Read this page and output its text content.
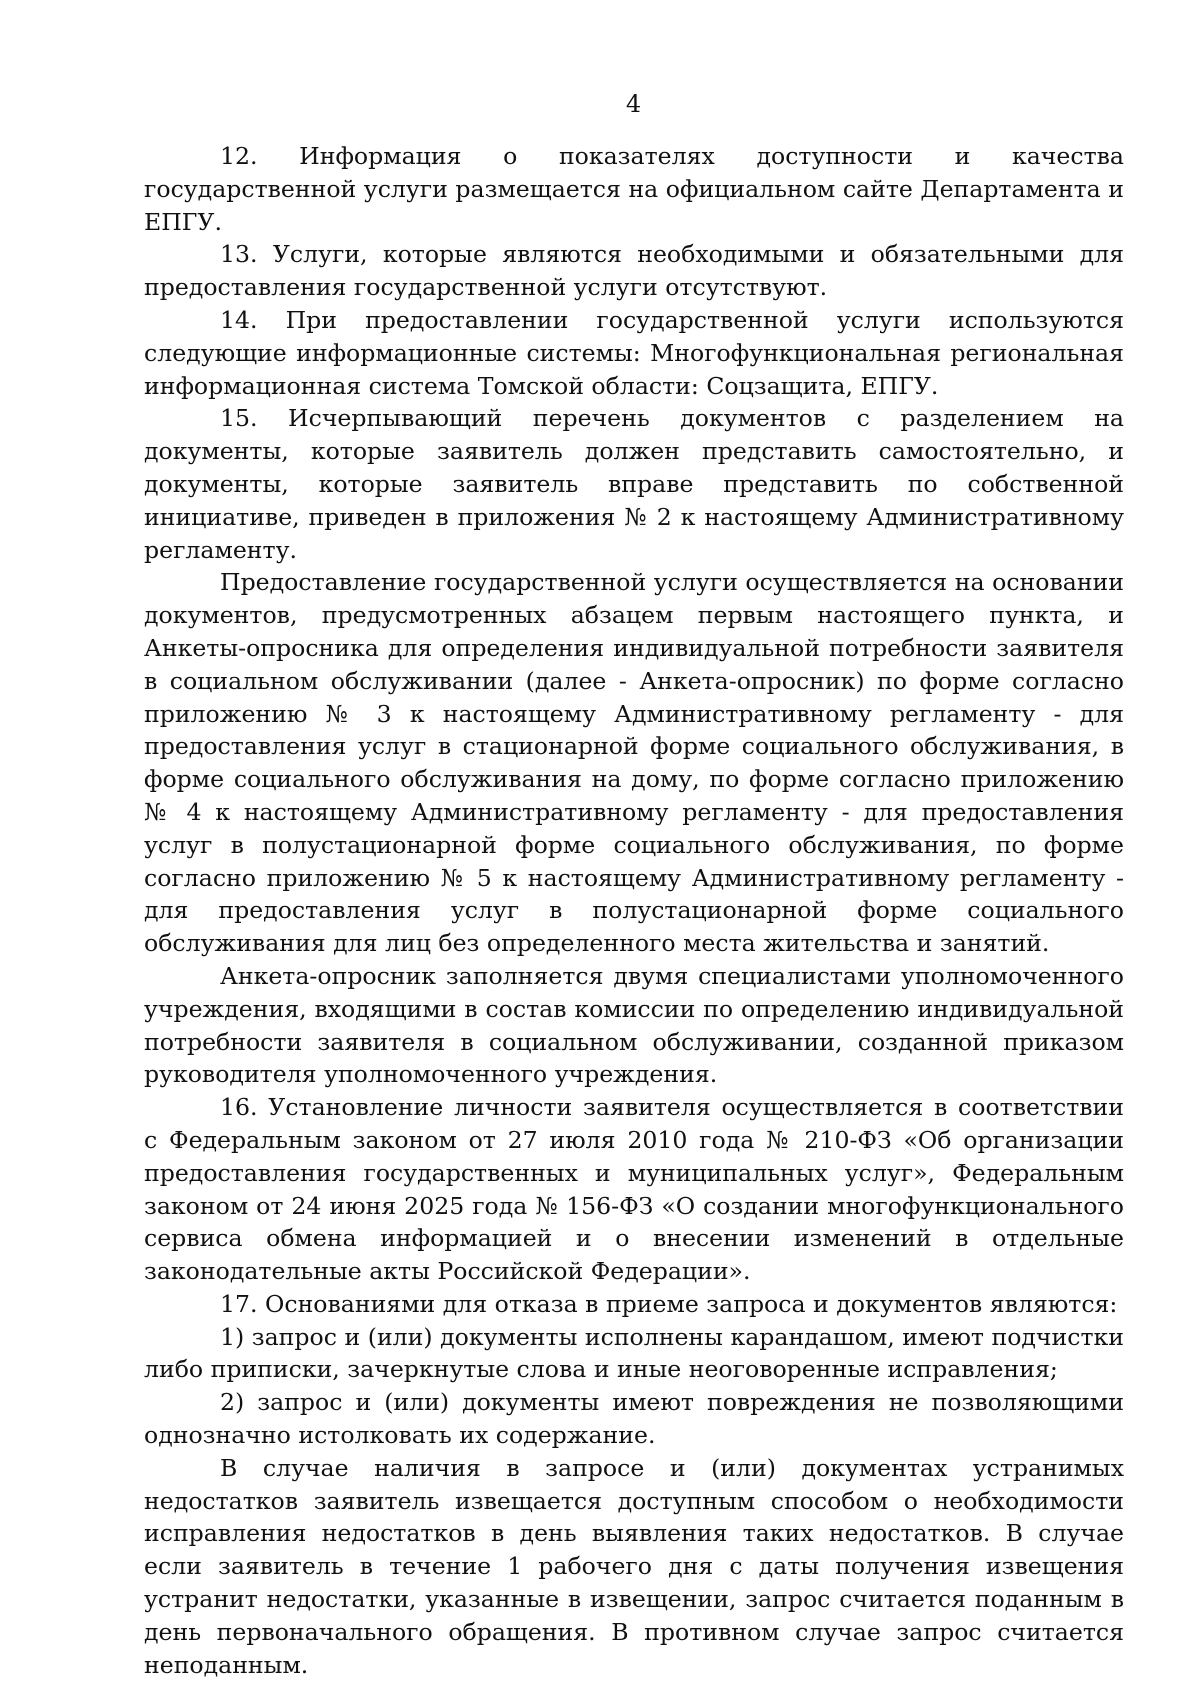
4

12. Информация о показателях доступности и качества государственной услуги размещается на официальном сайте Департамента и ЕПГУ.

13. Услуги, которые являются необходимыми и обязательными для предоставления государственной услуги отсутствуют.

14. При предоставлении государственной услуги используются следующие информационные системы: Многофункциональная региональная информационная система Томской области: Соцзащита, ЕПГУ.

15. Исчерпывающий перечень документов с разделением на документы, которые заявитель должен представить самостоятельно, и документы, которые заявитель вправе представить по собственной инициативе, приведен в приложения № 2 к настоящему Административному регламенту.

Предоставление государственной услуги осуществляется на основании документов, предусмотренных абзацем первым настоящего пункта, и Анкеты-опросника для определения индивидуальной потребности заявителя в социальном обслуживании (далее - Анкета-опросник) по форме согласно приложению № 3 к настоящему Административному регламенту - для предоставления услуг в стационарной форме социального обслуживания, в форме социального обслуживания на дому, по форме согласно приложению № 4 к настоящему Административному регламенту - для предоставления услуг в полустационарной форме социального обслуживания, по форме согласно приложению № 5 к настоящему Административному регламенту - для предоставления услуг в полустационарной форме социального обслуживания для лиц без определенного места жительства и занятий.

Анкета-опросник заполняется двумя специалистами уполномоченного учреждения, входящими в состав комиссии по определению индивидуальной потребности заявителя в социальном обслуживании, созданной приказом руководителя уполномоченного учреждения.

16. Установление личности заявителя осуществляется в соответствии с Федеральным законом от 27 июля 2010 года № 210-ФЗ «Об организации предоставления государственных и муниципальных услуг», Федеральным законом от 24 июня 2025 года № 156-ФЗ «О создании многофункционального сервиса обмена информацией и о внесении изменений в отдельные законодательные акты Российской Федерации».

17. Основаниями для отказа в приеме запроса и документов являются:

1) запрос и (или) документы исполнены карандашом, имеют подчистки либо приписки, зачеркнутые слова и иные неоговоренные исправления;

2) запрос и (или) документы имеют повреждения не позволяющими однозначно истолковать их содержание.

В случае наличия в запросе и (или) документах устранимых недостатков заявитель извещается доступным способом о необходимости исправления недостатков в день выявления таких недостатков. В случае если заявитель в течение 1 рабочего дня с даты получения извещения устранит недостатки, указанные в извещении, запрос считается поданным в день первоначального обращения. В противном случае запрос считается неподанным.
